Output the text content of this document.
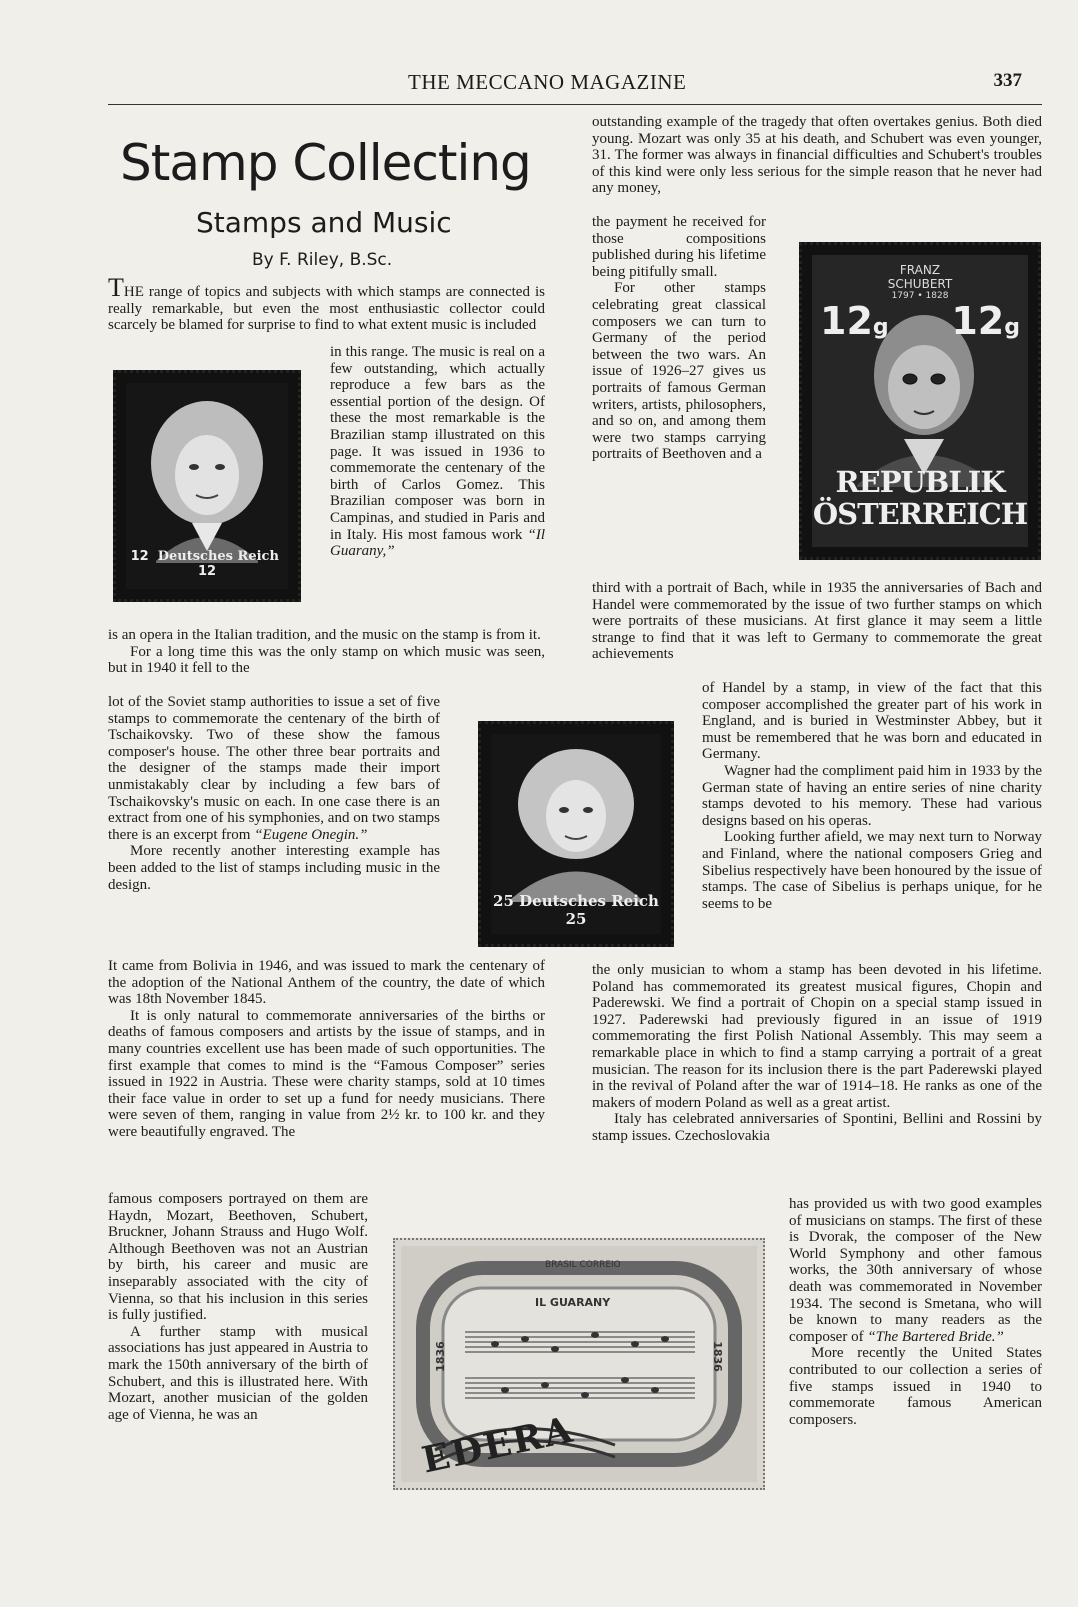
THE MECCANO MAGAZINE	337
Stamp Collecting
Stamps and Music
By F. Riley, B.Sc.

THE range of topics and subjects with which stamps are connected is really remarkable, but even the most enthusiastic collector could scarcely be blamed for surprise to find to what extent music is included

12 Deutsches Reich  12

in this range. The music is real on a few outstanding, which actually reproduce a few bars as the essential portion of the design. Of these the most remarkable is the Brazilian stamp illustrated on this page. It was issued in 1936 to commemorate the centenary of the birth of Carlos Gomez. This Brazilian composer was born in Campinas, and studied in Paris and in Italy. His most famous work “Il Guarany,”

is an opera in the Italian tradition, and the music on the stamp is from it.

For a long time this was the only stamp on which music was seen, but in 1940 it fell to the

lot of the Soviet stamp authorities to issue a set of five stamps to commemorate the centenary of the birth of Tschaikovsky. Two of these show the famous composer's house. The other three bear portraits and the designer of the stamps made their import unmistakably clear by including a few bars of Tschaikovsky's music on each. In one case there is an extract from one of his symphonies, and on two stamps there is an excerpt from “Eugene Onegin.”

More recently another interesting example has been added to the list of stamps including music in the design.

It came from Bolivia in 1946, and was issued to mark the centenary of the adoption of the National Anthem of the country, the date of which was 18th November 1845.

It is only natural to commemorate anniversaries of the births or deaths of famous composers and artists by the issue of stamps, and in many countries excellent use has been made of such opportunities. The first example that comes to mind is the “Famous Composer” series issued in 1922 in Austria. These were charity stamps, sold at 10 times their face value in order to set up a fund for needy musicians. There were seven of them, ranging in value from 2½ kr. to 100 kr. and they were beautifully engraved. The

famous composers portrayed on them are Haydn, Mozart, Beethoven, Schubert, Bruckner, Johann Strauss and Hugo Wolf. Although Beethoven was not an Austrian by birth, his career and music are inseparably associated with the city of Vienna, so that his inclusion in this series is fully justified.

A further stamp with musical associations has just appeared in Austria to mark the 150th anniversary of the birth of Schubert, and this is illustrated here. With Mozart, another musician of the golden age of Vienna, he was an

25 Deutsches Reich 25

outstanding example of the tragedy that often overtakes genius. Both died young. Mozart was only 35 at his death, and Schubert was even younger, 31. The former was always in financial difficulties and Schubert's troubles of this kind were only less serious for the simple reason that he never had any money,

the payment he received for those compositions published during his lifetime being pitifully small.

For other stamps celebrating great classical composers we can turn to Germany of the period between the two wars. An issue of 1926–27 gives us portraits of famous German writers, artists, philosophers, and so on, and among them were two stamps carrying portraits of Beethoven and a

FRANZ
SCHUBERT
1797 • 1828
12g 12g
REPUBLIK
ÖSTERREICH

third with a portrait of Bach, while in 1935 the anniversaries of Bach and Handel were commemorated by the issue of two further stamps on which were portraits of these musicians. At first glance it may seem a little strange to find that it was left to Germany to commemorate the great achievements

of Handel by a stamp, in view of the fact that this composer accomplished the greater part of his work in England, and is buried in Westminster Abbey, but it must be remembered that he was born and educated in Germany.

Wagner had the compliment paid him in 1933 by the German state of having an entire series of nine charity stamps devoted to his memory. These had various designs based on his operas.

Looking further afield, we may next turn to Norway and Finland, where the national composers Grieg and Sibelius respectively have been honoured by the issue of stamps. The case of Sibelius is perhaps unique, for he seems to be

the only musician to whom a stamp has been devoted in his lifetime. Poland has commemorated its greatest musical figures, Chopin and Paderewski. We find a portrait of Chopin on a special stamp issued in 1927. Paderewski had previously figured in an issue of 1919 commemorating the first Polish National Assembly. This may seem a remarkable place in which to find a stamp carrying a portrait of a great musician. The reason for its inclusion there is the part Paderewski played in the revival of Poland after the war of 1914–18. He ranks as one of the makers of modern Poland as well as a great artist.

Italy has celebrated anniversaries of Spontini, Bellini and Rossini by stamp issues. Czechoslovakia

has provided us with two good examples of musicians on stamps. The first of these is Dvorak, the composer of the New World Symphony and other famous works, the 30th anniversary of whose death was commemorated in November 1934. The second is Smetana, who will be known to many readers as the composer of “The Bartered Bride.”

More recently the United States contributed to our collection a series of five stamps issued in 1940 to commemorate famous American composers.

BRASIL CORREIO
IL GUARANY
1836	1836
EDERA
